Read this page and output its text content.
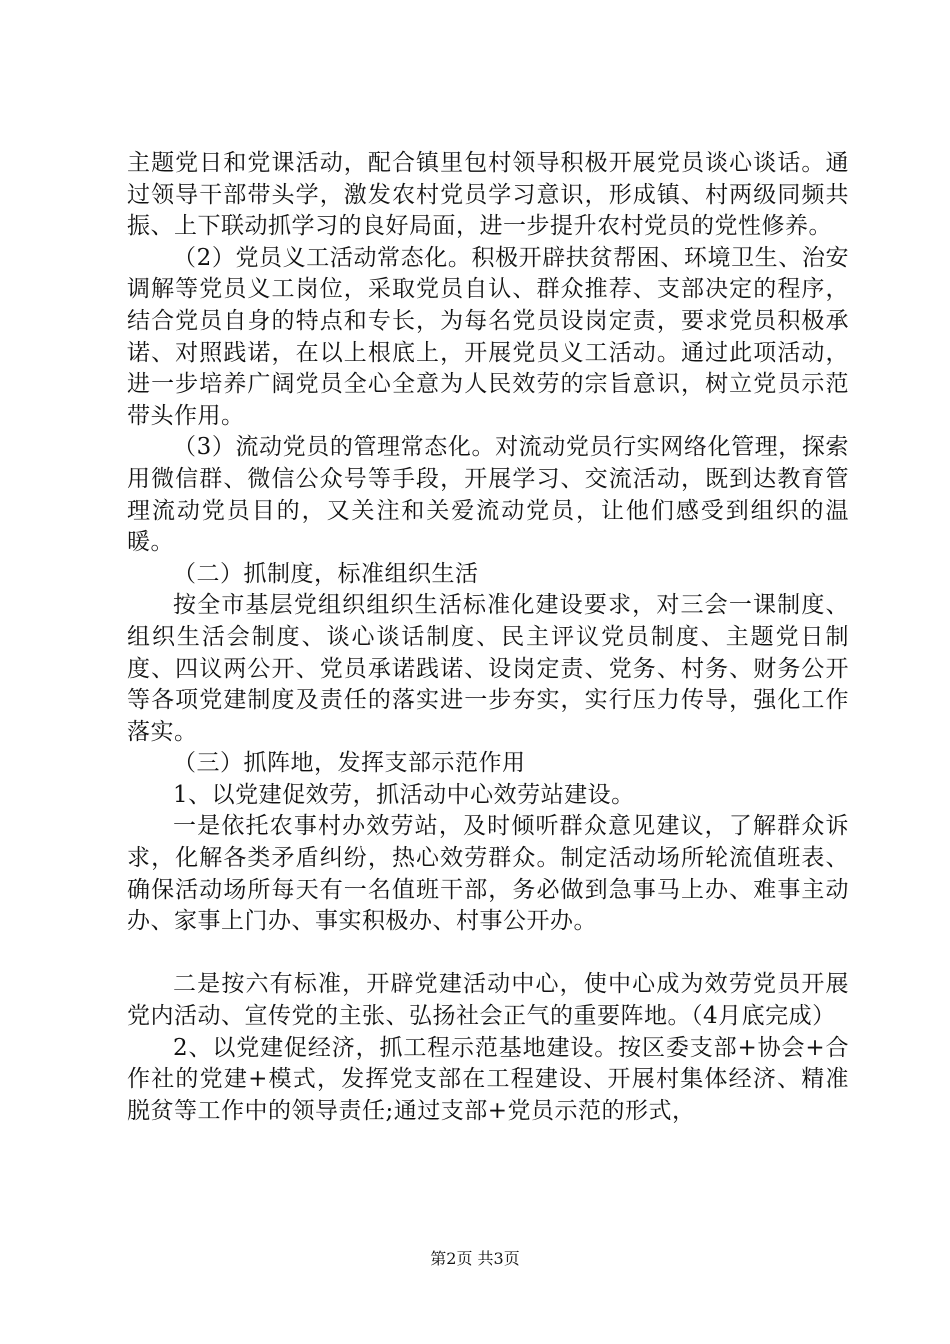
主题党日和党课活动，配合镇里包村领导积极开展党员谈心谈话。通过领导干部带头学，激发农村党员学习意识，形成镇、村两级同频共振、上下联动抓学习的良好局面，进一步提升农村党员的党性修养。

（2）党员义工活动常态化。积极开辟扶贫帮困、环境卫生、治安调解等党员义工岗位，采取党员自认、群众推荐、支部决定的程序，结合党员自身的特点和专长，为每名党员设岗定责，要求党员积极承诺、对照践诺，在以上根底上，开展党员义工活动。通过此项活动，进一步培养广阔党员全心全意为人民效劳的宗旨意识，树立党员示范带头作用。

（3）流动党员的管理常态化。对流动党员行实网络化管理，探索用微信群、微信公众号等手段，开展学习、交流活动，既到达教育管理流动党员目的，又关注和关爱流动党员，让他们感受到组织的温暖。

（二）抓制度，标准组织生活

按全市基层党组织组织生活标准化建设要求，对三会一课制度、组织生活会制度、谈心谈话制度、民主评议党员制度、主题党日制度、四议两公开、党员承诺践诺、设岗定责、党务、村务、财务公开等各项党建制度及责任的落实进一步夯实，实行压力传导，强化工作落实。

（三）抓阵地，发挥支部示范作用

1、以党建促效劳，抓活动中心效劳站建设。

一是依托农事村办效劳站，及时倾听群众意见建议，了解群众诉求，化解各类矛盾纠纷，热心效劳群众。制定活动场所轮流值班表、确保活动场所每天有一名值班干部，务必做到急事马上办、难事主动办、家事上门办、事实积极办、村事公开办。

二是按六有标准，开辟党建活动中心，使中心成为效劳党员开展党内活动、宣传党的主张、弘扬社会正气的重要阵地。（4月底完成）

2、以党建促经济，抓工程示范基地建设。按区委支部+协会+合作社的党建+模式，发挥党支部在工程建设、开展村集体经济、精准脱贫等工作中的领导责任;通过支部+党员示范的形式，

第2页 共3页
